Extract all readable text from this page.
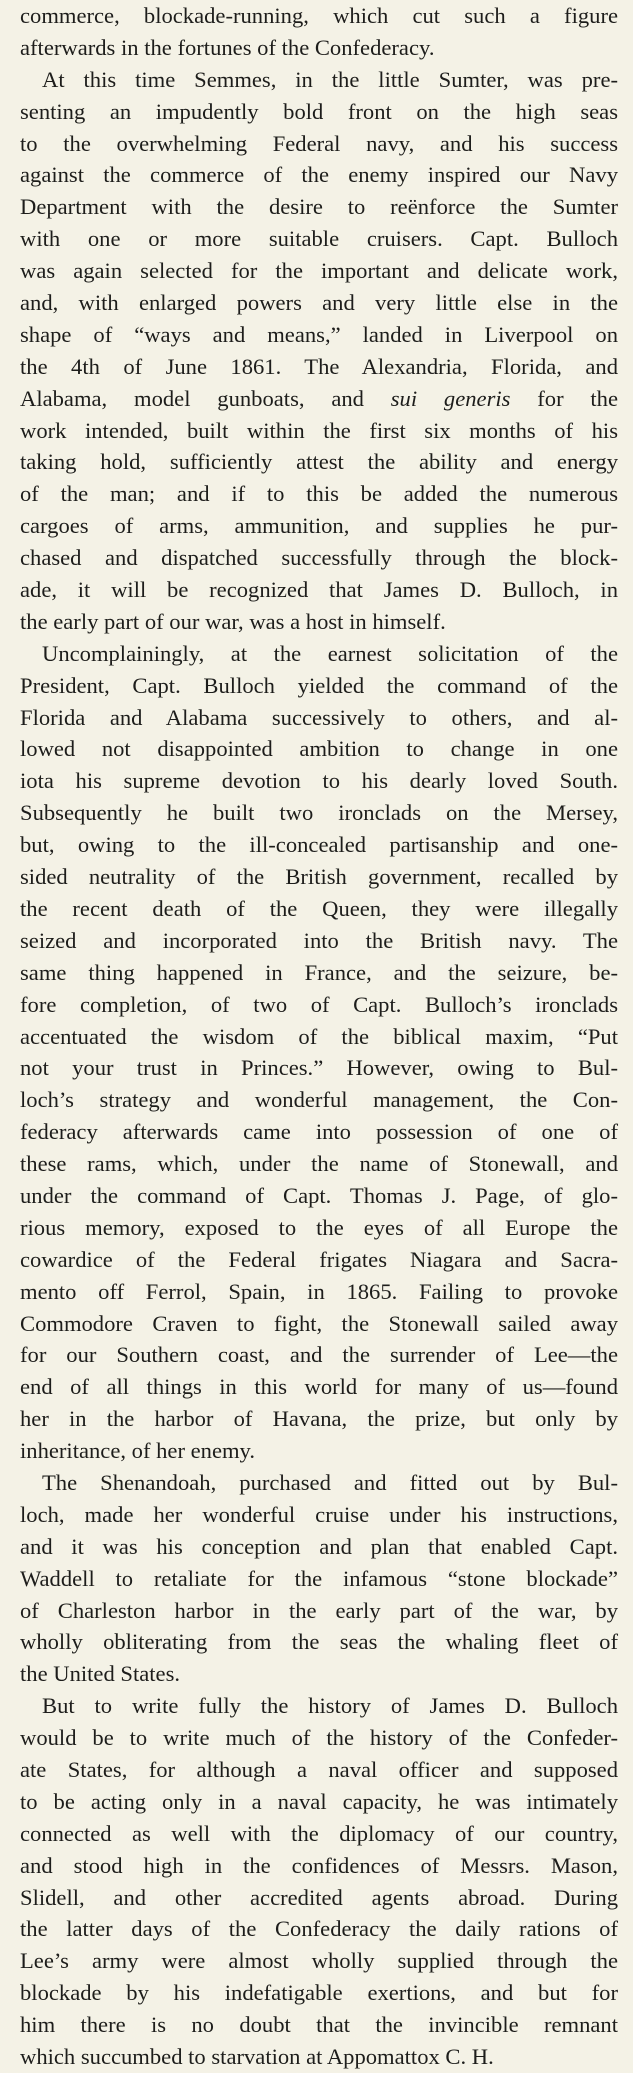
commerce, blockade-running, which cut such a figure
afterwards in the fortunes of the Confederacy.
At this time Semmes, in the little Sumter, was pre-
senting an impudently bold front on the high seas
to the overwhelming Federal navy, and his success
against the commerce of the enemy inspired our Navy
Department with the desire to reënforce the Sumter
with one or more suitable cruisers. Capt. Bulloch
was again selected for the important and delicate work,
and, with enlarged powers and very little else in the
shape of “ways and means,” landed in Liverpool on
the 4th of June 1861. The Alexandria, Florida, and
Alabama, model gunboats, and sui generis for the
work intended, built within the first six months of his
taking hold, sufficiently attest the ability and energy
of the man; and if to this be added the numerous
cargoes of arms, ammunition, and supplies he pur-
chased and dispatched successfully through the block-
ade, it will be recognized that James D. Bulloch, in
the early part of our war, was a host in himself.
Uncomplainingly, at the earnest solicitation of the
President, Capt. Bulloch yielded the command of the
Florida and Alabama successively to others, and al-
lowed not disappointed ambition to change in one
iota his supreme devotion to his dearly loved South.
Subsequently he built two ironclads on the Mersey,
but, owing to the ill-concealed partisanship and one-
sided neutrality of the British government, recalled by
the recent death of the Queen, they were illegally
seized and incorporated into the British navy. The
same thing happened in France, and the seizure, be-
fore completion, of two of Capt. Bulloch’s ironclads
accentuated the wisdom of the biblical maxim, “Put
not your trust in Princes.” However, owing to Bul-
loch’s strategy and wonderful management, the Con-
federacy afterwards came into possession of one of
these rams, which, under the name of Stonewall, and
under the command of Capt. Thomas J. Page, of glo-
rious memory, exposed to the eyes of all Europe the
cowardice of the Federal frigates Niagara and Sacra-
mento off Ferrol, Spain, in 1865. Failing to provoke
Commodore Craven to fight, the Stonewall sailed away
for our Southern coast, and the surrender of Lee—the
end of all things in this world for many of us—found
her in the harbor of Havana, the prize, but only by
inheritance, of her enemy.
The Shenandoah, purchased and fitted out by Bul-
loch, made her wonderful cruise under his instructions,
and it was his conception and plan that enabled Capt.
Waddell to retaliate for the infamous “stone blockade”
of Charleston harbor in the early part of the war, by
wholly obliterating from the seas the whaling fleet of
the United States.
But to write fully the history of James D. Bulloch
would be to write much of the history of the Confeder-
ate States, for although a naval officer and supposed
to be acting only in a naval capacity, he was intimately
connected as well with the diplomacy of our country,
and stood high in the confidences of Messrs. Mason,
Slidell, and other accredited agents abroad. During
the latter days of the Confederacy the daily rations of
Lee’s army were almost wholly supplied through the
blockade by his indefatigable exertions, and but for
him there is no doubt that the invincible remnant
which succumbed to starvation at Appomattox C. H.
